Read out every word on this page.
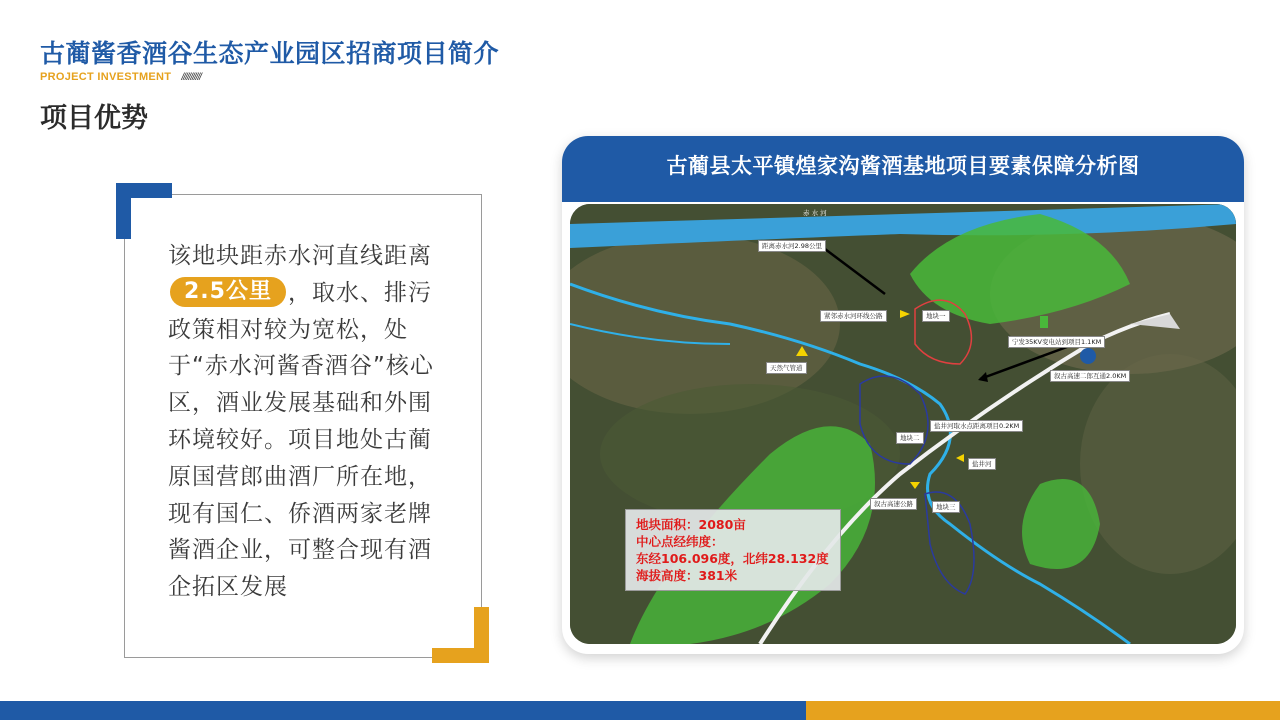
古蔺酱香酒谷生态产业园区招商项目简介
PROJECT INVESTMENT ///////////
项目优势
该地块距赤水河直线距离2.5公里 ，取水、排污政策相对较为宽松，处于“赤水河酱香酒谷”核心区，酒业发展基础和外围环境较好。项目地处古蔺原国营郎曲酒厂所在地，现有国仁、侨酒两家老牌酱酒企业，可整合现有酒企拓区发展
古蔺县太平镇煌家沟酱酒基地项目要素保障分析图
赤 水 河
距离赤水河2.98公里
紧邻赤水河环线公路	地块一
天然气管道
宁发35KV变电站到项目1.1KM
叙古高速二郎互通2.0KM
地块二
盐井河取水点距离项目0.2KM
盐井河
叙古高速公路	地块三
地块面积：2080亩
中心点经纬度：
东经106.096度，北纬28.132度
海拔高度：381米
